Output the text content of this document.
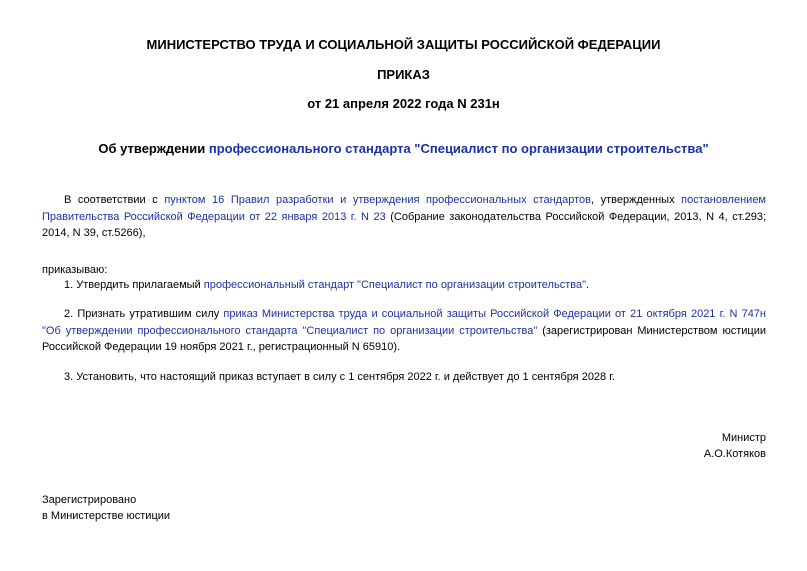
МИНИСТЕРСТВО ТРУДА И СОЦИАЛЬНОЙ ЗАЩИТЫ РОССИЙСКОЙ ФЕДЕРАЦИИ
ПРИКАЗ
от 21 апреля 2022 года N 231н
Об утверждении профессионального стандарта "Специалист по организации строительства"

В соответствии с пунктом 16 Правил разработки и утверждения профессиональных стандартов, утвержденных постановлением Правительства Российской Федерации от 22 января 2013 г. N 23 (Собрание законодательства Российской Федерации, 2013, N 4, ст.293; 2014, N 39, ст.5266),

приказываю:

1. Утвердить прилагаемый профессиональный стандарт "Специалист по организации строительства".

2. Признать утратившим силу приказ Министерства труда и социальной защиты Российской Федерации от 21 октября 2021 г. N 747н "Об утверждении профессионального стандарта "Специалист по организации строительства" (зарегистрирован Министерством юстиции Российской Федерации 19 ноября 2021 г., регистрационный N 65910).

3. Установить, что настоящий приказ вступает в силу с 1 сентября 2022 г. и действует до 1 сентября 2028 г.

Министр
А.О.Котяков
Зарегистрировано
в Министерстве юстиции
